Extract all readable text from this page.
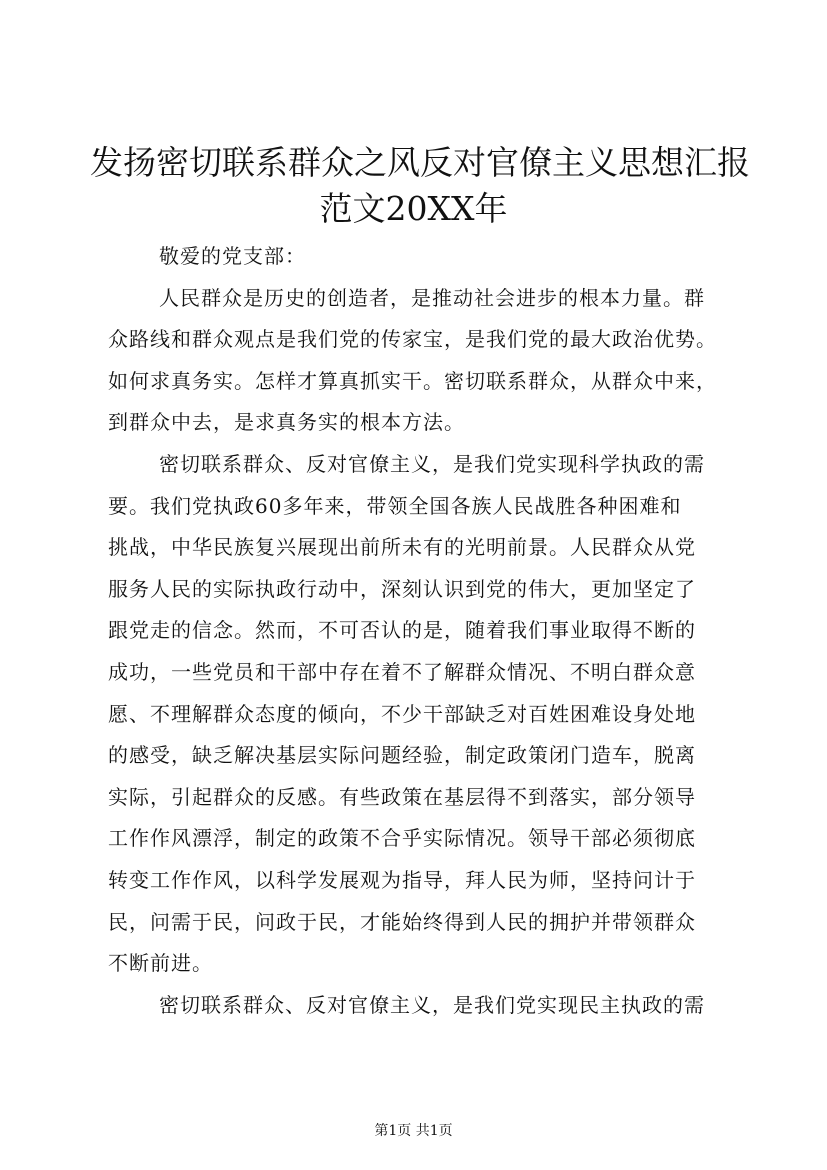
发扬密切联系群众之风反对官僚主义思想汇报
范文20XX年
敬爱的党支部：
人民群众是历史的创造者，是推动社会进步的根本力量。群
众路线和群众观点是我们党的传家宝，是我们党的最大政治优势。
如何求真务实。怎样才算真抓实干。密切联系群众，从群众中来，
到群众中去，是求真务实的根本方法。
密切联系群众、反对官僚主义，是我们党实现科学执政的需
要。我们党执政60多年来，带领全国各族人民战胜各种困难和
挑战，中华民族复兴展现出前所未有的光明前景。人民群众从党
服务人民的实际执政行动中，深刻认识到党的伟大，更加坚定了
跟党走的信念。然而，不可否认的是，随着我们事业取得不断的
成功，一些党员和干部中存在着不了解群众情况、不明白群众意
愿、不理解群众态度的倾向，不少干部缺乏对百姓困难设身处地
的感受，缺乏解决基层实际问题经验，制定政策闭门造车，脱离
实际，引起群众的反感。有些政策在基层得不到落实，部分领导
工作作风漂浮，制定的政策不合乎实际情况。领导干部必须彻底
转变工作作风，以科学发展观为指导，拜人民为师，坚持问计于
民，问需于民，问政于民，才能始终得到人民的拥护并带领群众
不断前进。
密切联系群众、反对官僚主义，是我们党实现民主执政的需
第1页 共1页
